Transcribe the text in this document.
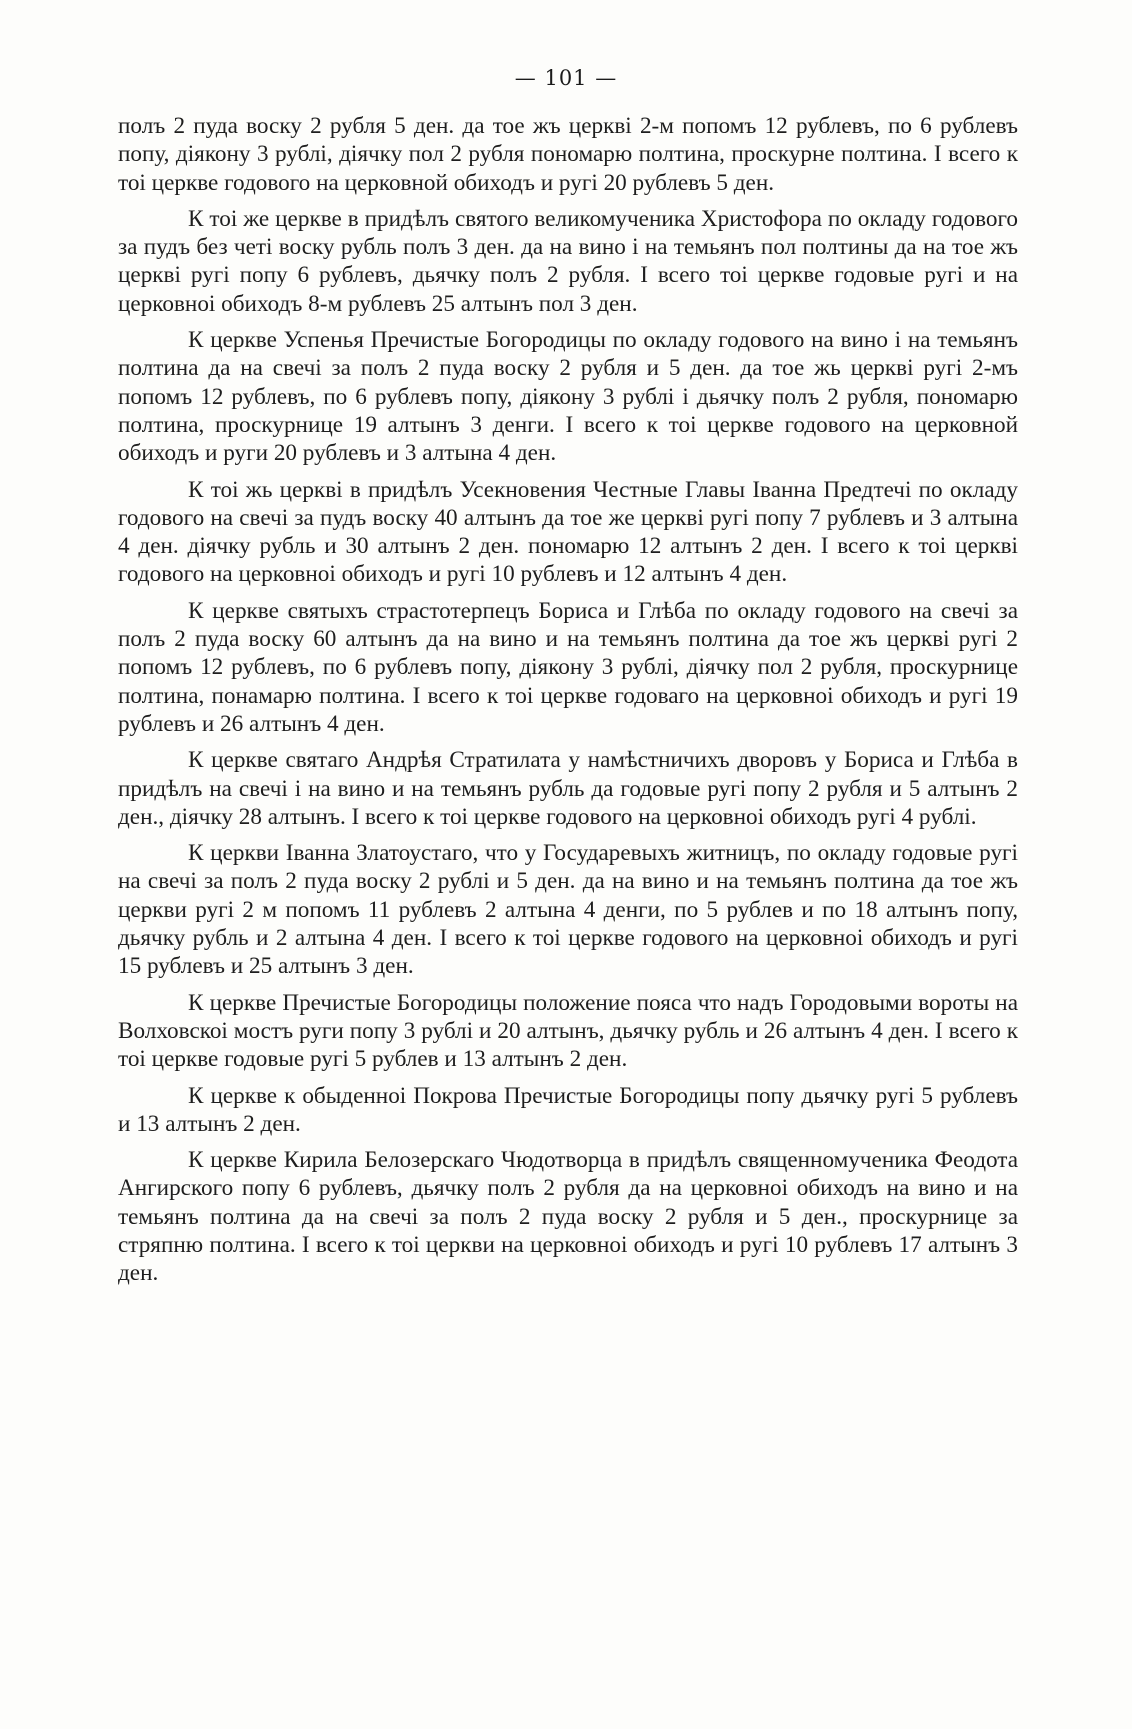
— 101 —

полъ 2 пуда воску 2 рубля 5 ден. да тое жъ церкві 2-м попомъ 12 рублевъ, по 6 рублевъ попу, діякону 3 рублі, діячку пол 2 рубля пономарю полтина, проскурне полтина. І всего к тоі церкве годового на церковной обиходъ и ругі 20 рублевъ 5 ден.

К тоі же церкве в придѣлъ святого великомученика Христофора по окладу годового за пудъ без четі воску рубль полъ 3 ден. да на вино і на темьянъ пол полтины да на тое жъ церкві ругі попу 6 рублевъ, дьячку полъ 2 рубля. І всего тоі церкве годовые ругі и на церковноі обиходъ 8-м рублевъ 25 алтынъ пол 3 ден.

К церкве Успенья Пречистые Богородицы по окладу годового на вино і на темьянъ полтина да на свечі за полъ 2 пуда воску 2 рубля и 5 ден. да тое жь церкві ругі 2-мъ попомъ 12 рублевъ, по 6 рублевъ попу, діякону 3 рублі і дьячку полъ 2 рубля, пономарю полтина, проскурнице 19 алтынъ 3 денги. І всего к тоі церкве годового на церковной обиходъ и руги 20 рублевъ и 3 алтына 4 ден.

К тоі жь церкві в придѣлъ Усекновения Честные Главы Іванна Предтечі по окладу годового на свечі за пудъ воску 40 алтынъ да тое же церкві ругі попу 7 рублевъ и 3 алтына 4 ден. діячку рубль и 30 алтынъ 2 ден. пономарю 12 алтынъ 2 ден. І всего к тоі церкві годового на церковноі обиходъ и ругі 10 рублевъ и 12 алтынъ 4 ден.

К церкве святыхъ страстотерпецъ Бориса и Глѣба по окладу годового на свечі за полъ 2 пуда воску 60 алтынъ да на вино и на темьянъ полтина да тое жъ церкві ругі 2 попомъ 12 рублевъ, по 6 рублевъ попу, діякону 3 рублі, діячку пол 2 рубля, проскурнице полтина, понамарю полтина. І всего к тоі церкве годоваго на церковноі обиходъ и ругі 19 рублевъ и 26 алтынъ 4 ден.

К церкве святаго Андрѣя Стратилата у намѣстничихъ дворовъ у Бориса и Глѣба в придѣлъ на свечі і на вино и на темьянъ рубль да годовые ругі попу 2 рубля и 5 алтынъ 2 ден., діячку 28 алтынъ. І всего к тоі церкве годового на церковноі обиходъ ругі 4 рублі.

К церкви Іванна Златоустаго, что у Государевыхъ житницъ, по окладу годовые ругі на свечі за полъ 2 пуда воску 2 рублі и 5 ден. да на вино и на темьянъ полтина да тое жъ церкви ругі 2 м попомъ 11 рублевъ 2 алтына 4 денги, по 5 рублев и по 18 алтынъ попу, дьячку рубль и 2 алтына 4 ден. І всего к тоі церкве годового на церковноі обиходъ и ругі 15 рублевъ и 25 алтынъ 3 ден.

К церкве Пречистые Богородицы положение пояса что надъ Городовыми вороты на Волховскоі мостъ руги попу 3 рублі и 20 алтынъ, дьячку рубль и 26 алтынъ 4 ден. І всего к тоі церкве годовые ругі 5 рублев и 13 алтынъ 2 ден.

К церкве к обыденноі Покрова Пречистые Богородицы попу дьячку ругі 5 рублевъ и 13 алтынъ 2 ден.

К церкве Кирила Белозерскаго Чюдотворца в придѣлъ священномученика Феодота Ангирского попу 6 рублевъ, дьячку полъ 2 рубля да на церковноі обиходъ на вино и на темьянъ полтина да на свечі за полъ 2 пуда воску 2 рубля и 5 ден., проскурнице за стряпню полтина. І всего к тоі церкви на церковноі обиходъ и ругі 10 рублевъ 17 алтынъ 3 ден.
